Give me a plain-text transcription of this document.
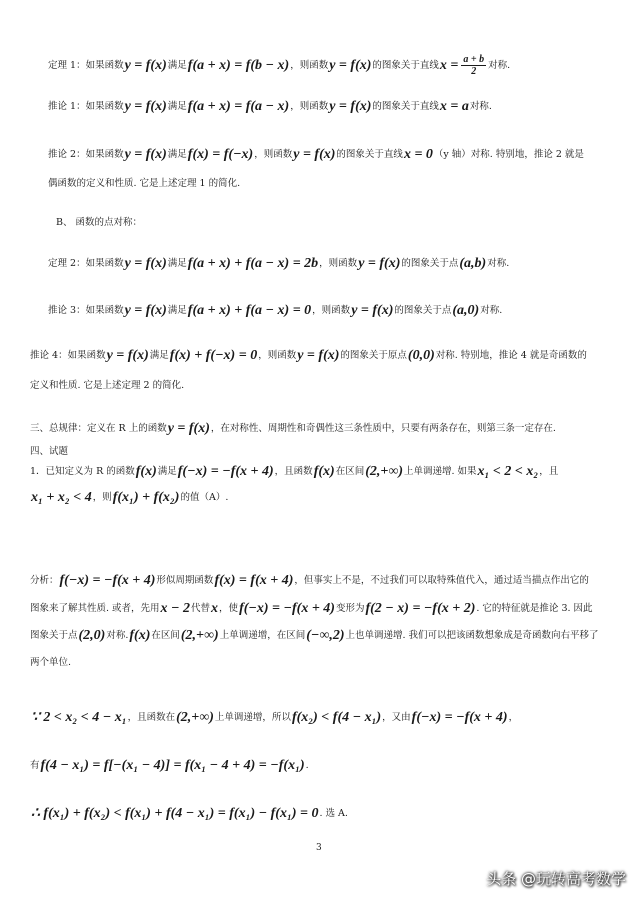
定理 1：如果函数y = f(x)满足f(a + x) = f(b − x)，则函数y = f(x)的图象关于直线$x = \frac{a + b}{2}$ 对称.
推论 1：如果函数y = f(x)满足f(a + x) = f(a − x)，则函数y = f(x)的图象关于直线x = a对称.
推论 2：如果函数y = f(x)满足f(x) = f(−x)，则函数y = f(x)的图象关于直线x = 0（y 轴）对称. 特别地，推论 2 就是
偶函数的定义和性质. 它是上述定理 1 的简化.
B、 函数的点对称：
定理 2：如果函数y = f(x)满足f(a + x) + f(a − x) = 2b，则函数y = f(x)的图象关于点(a,b)对称.
推论 3：如果函数y = f(x)满足f(a + x) + f(a − x) = 0，则函数y = f(x)的图象关于点(a,0)对称.
推论 4：如果函数y = f(x)满足f(x) + f(−x) = 0，则函数y = f(x)的图象关于原点(0,0)对称. 特别地，推论 4 就是奇函数的
定义和性质. 它是上述定理 2 的简化.
三、总规律：定义在 R 上的函数y = f(x)，在对称性、周期性和奇偶性这三条性质中，只要有两条存在，则第三条一定存在.
四、试题
1．已知定义为 R 的函数f(x)满足f(−x) = −f(x + 4)，且函数f(x)在区间(2,+∞)上单调递增. 如果x₁ < 2 < x₂，且
x₁ + x₂ < 4，则f(x₁) + f(x₂)的值（A）.
分析：f(−x) = −f(x + 4)形似周期函数f(x) = f(x + 4)，但事实上不是，不过我们可以取特殊值代入，通过适当描点作出它的
图象来了解其性质. 或者，先用x − 2代替x，使f(−x) = −f(x + 4)变形为f(2 − x) = −f(x + 2). 它的特征就是推论 3. 因此
图象关于点(2,0)对称.f(x)在区间(2,+∞)上单调递增，在区间(−∞,2)上也单调递增. 我们可以把该函数想象成是奇函数向右平移了
两个单位.
∵ 2 < x₂ < 4 − x₁，且函数在(2,+∞)上单调递增，所以f(x₂) < f(4 − x₁)，又由f(−x) = −f(x + 4)，
有f(4 − x₁) = f[−(x₁ − 4)] = f(x₁ − 4 + 4) = −f(x₁).
∴ f(x₁) + f(x₂) < f(x₁) + f(4 − x₁) = f(x₁) − f(x₁) = 0. 选 A.
3
头条 @玩转高考数学
